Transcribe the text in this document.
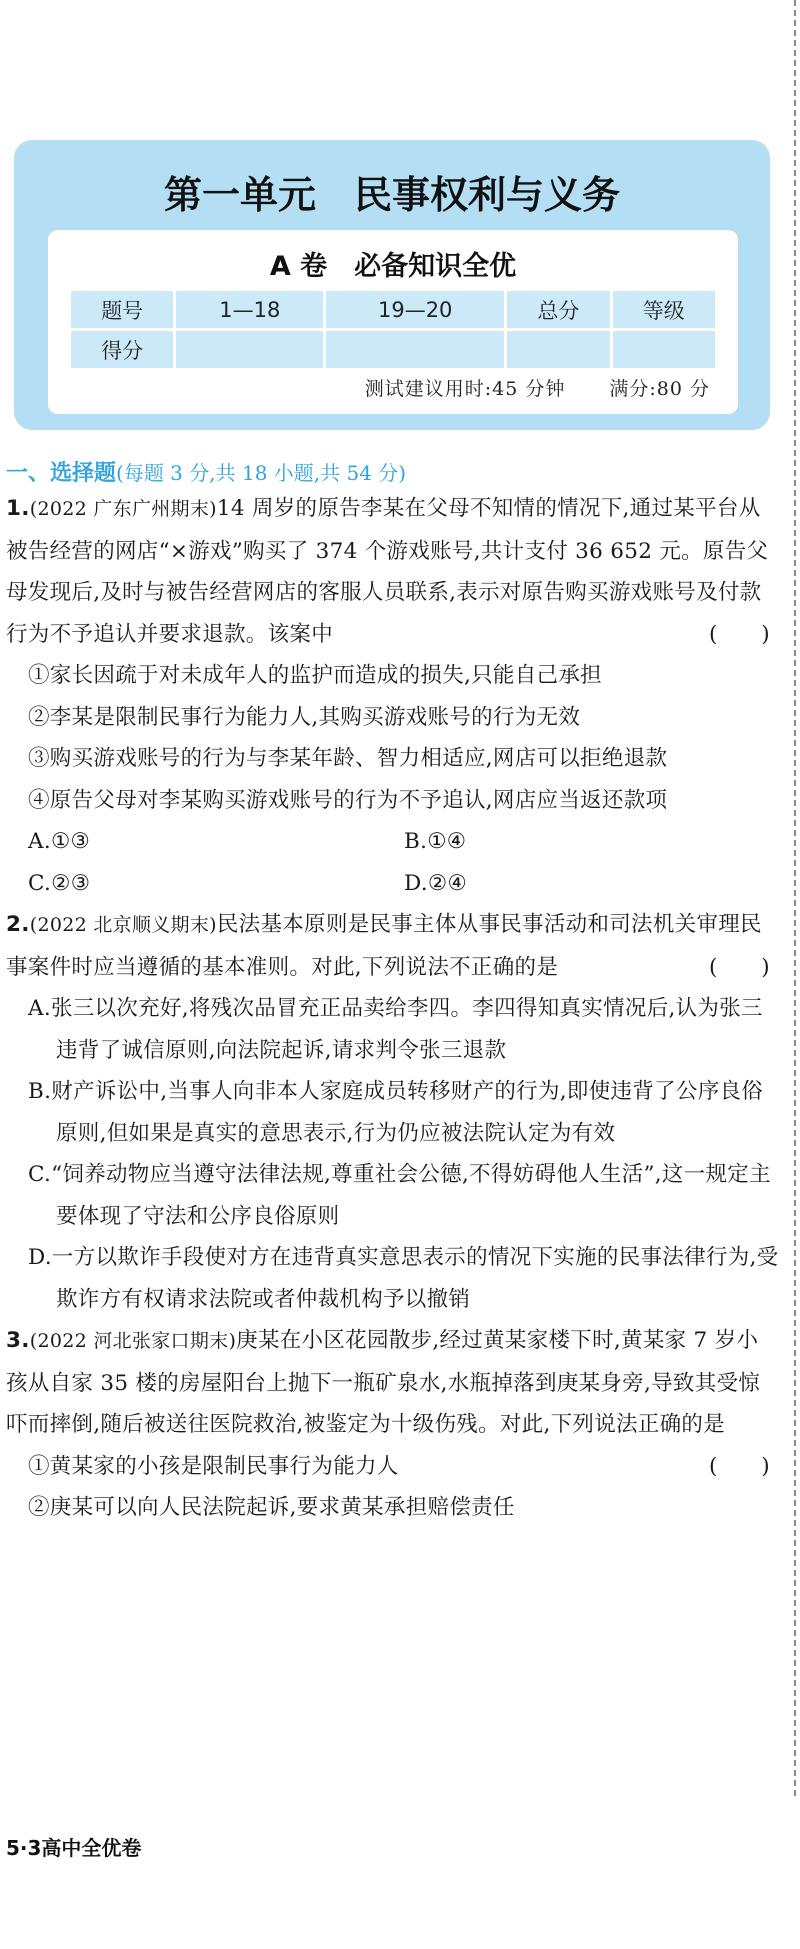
第一单元　民事权利与义务
A 卷　必备知识全优
题号	1—18	19—20	总分	等级
得分				
测试建议用时:45 分钟 满分:80 分
一、选择题(每题 3 分,共 18 小题,共 54 分)
1.(2022 广东广州期末)14 周岁的原告李某在父母不知情的情况下,通过某平台从被告经营的网店“×游戏”购买了 374 个游戏账号,共计支付 36 652 元。原告父母发现后,及时与被告经营网店的客服人员联系,表示对原告购买游戏账号及付款行为不予追认并要求退款。该案中	(　　)
①家长因疏于对未成年人的监护而造成的损失,只能自己承担
②李某是限制民事行为能力人,其购买游戏账号的行为无效
③购买游戏账号的行为与李某年龄、智力相适应,网店可以拒绝退款
④原告父母对李某购买游戏账号的行为不予追认,网店应当返还款项
A.①③	B.①④
C.②③	D.②④
2.(2022 北京顺义期末)民法基本原则是民事主体从事民事活动和司法机关审理民事案件时应当遵循的基本准则。对此,下列说法不正确的是	(　　)
A.张三以次充好,将残次品冒充正品卖给李四。李四得知真实情况后,认为张三违背了诚信原则,向法院起诉,请求判令张三退款
B.财产诉讼中,当事人向非本人家庭成员转移财产的行为,即使违背了公序良俗原则,但如果是真实的意思表示,行为仍应被法院认定为有效
C.“饲养动物应当遵守法律法规,尊重社会公德,不得妨碍他人生活”,这一规定主要体现了守法和公序良俗原则
D.一方以欺诈手段使对方在违背真实意思表示的情况下实施的民事法律行为,受欺诈方有权请求法院或者仲裁机构予以撤销
3.(2022 河北张家口期末)庚某在小区花园散步,经过黄某家楼下时,黄某家 7 岁小孩从自家 35 楼的房屋阳台上抛下一瓶矿泉水,水瓶掉落到庚某身旁,导致其受惊吓而摔倒,随后被送往医院救治,被鉴定为十级伤残。对此,下列说法正确的是
(　　)
①黄某家的小孩是限制民事行为能力人
②庚某可以向人民法院起诉,要求黄某承担赔偿责任
5·3高中全优卷
